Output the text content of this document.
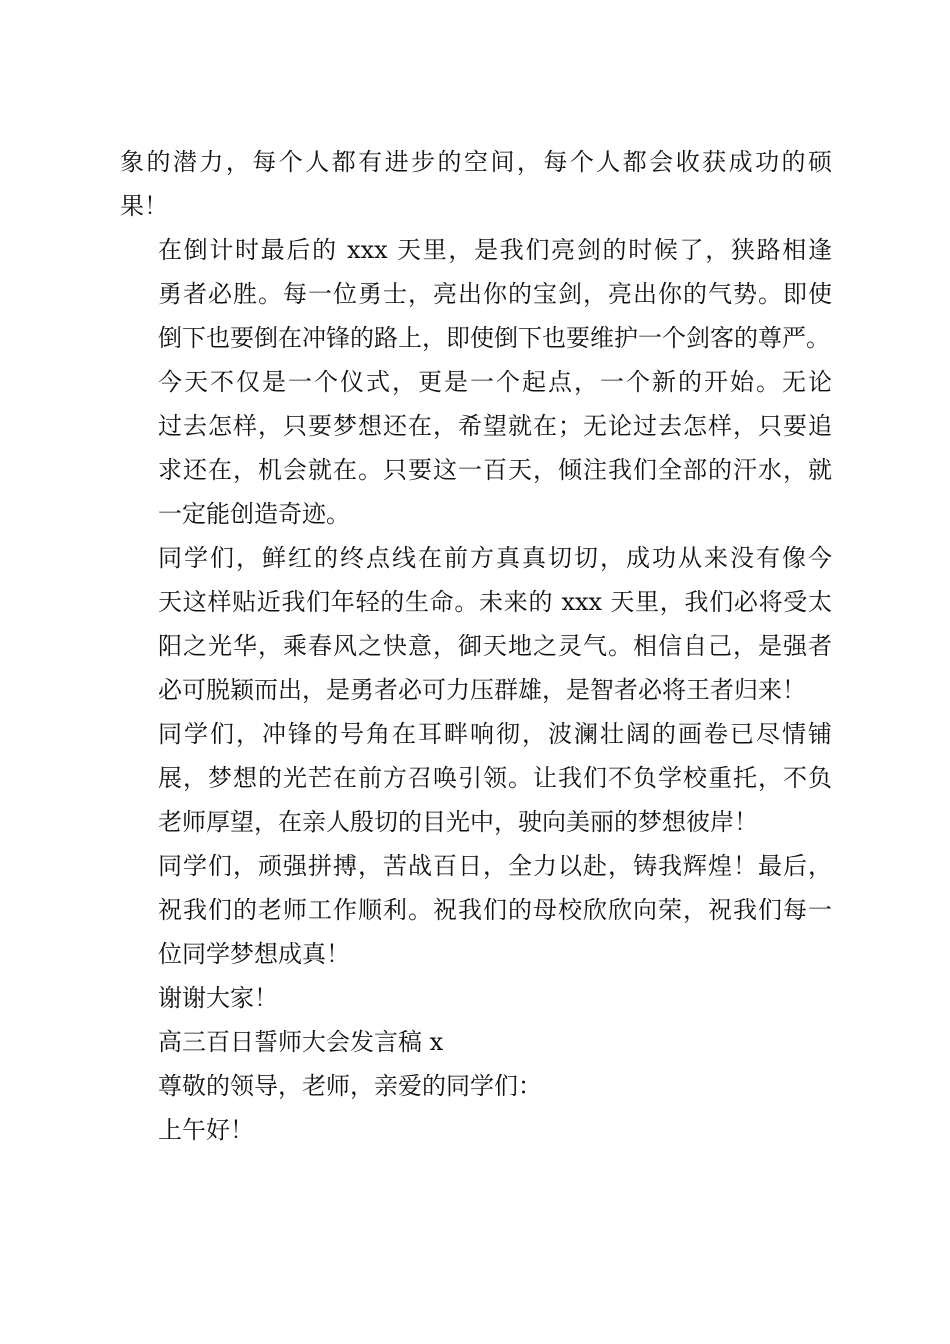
象的潜力，每个人都有进步的空间，每个人都会收获成功的硕
果！

在倒计时最后的 xxx 天里，是我们亮剑的时候了，狭路相逢
勇者必胜。每一位勇士，亮出你的宝剑，亮出你的气势。即使
倒下也要倒在冲锋的路上，即使倒下也要维护一个剑客的尊严。

今天不仅是一个仪式，更是一个起点，一个新的开始。无论
过去怎样，只要梦想还在，希望就在；无论过去怎样，只要追
求还在，机会就在。只要这一百天，倾注我们全部的汗水，就
一定能创造奇迹。

同学们，鲜红的终点线在前方真真切切，成功从来没有像今
天这样贴近我们年轻的生命。未来的 xxx 天里，我们必将受太
阳之光华，乘春风之快意，御天地之灵气。相信自己，是强者
必可脱颖而出，是勇者必可力压群雄，是智者必将王者归来！

同学们，冲锋的号角在耳畔响彻，波澜壮阔的画卷已尽情铺
展，梦想的光芒在前方召唤引领。让我们不负学校重托，不负
老师厚望，在亲人殷切的目光中，驶向美丽的梦想彼岸！

同学们，顽强拼搏，苦战百日，全力以赴，铸我辉煌！最后，
祝我们的老师工作顺利。祝我们的母校欣欣向荣，祝我们每一
位同学梦想成真！

谢谢大家！

高三百日誓师大会发言稿 x

尊敬的领导，老师，亲爱的同学们：

上午好！
